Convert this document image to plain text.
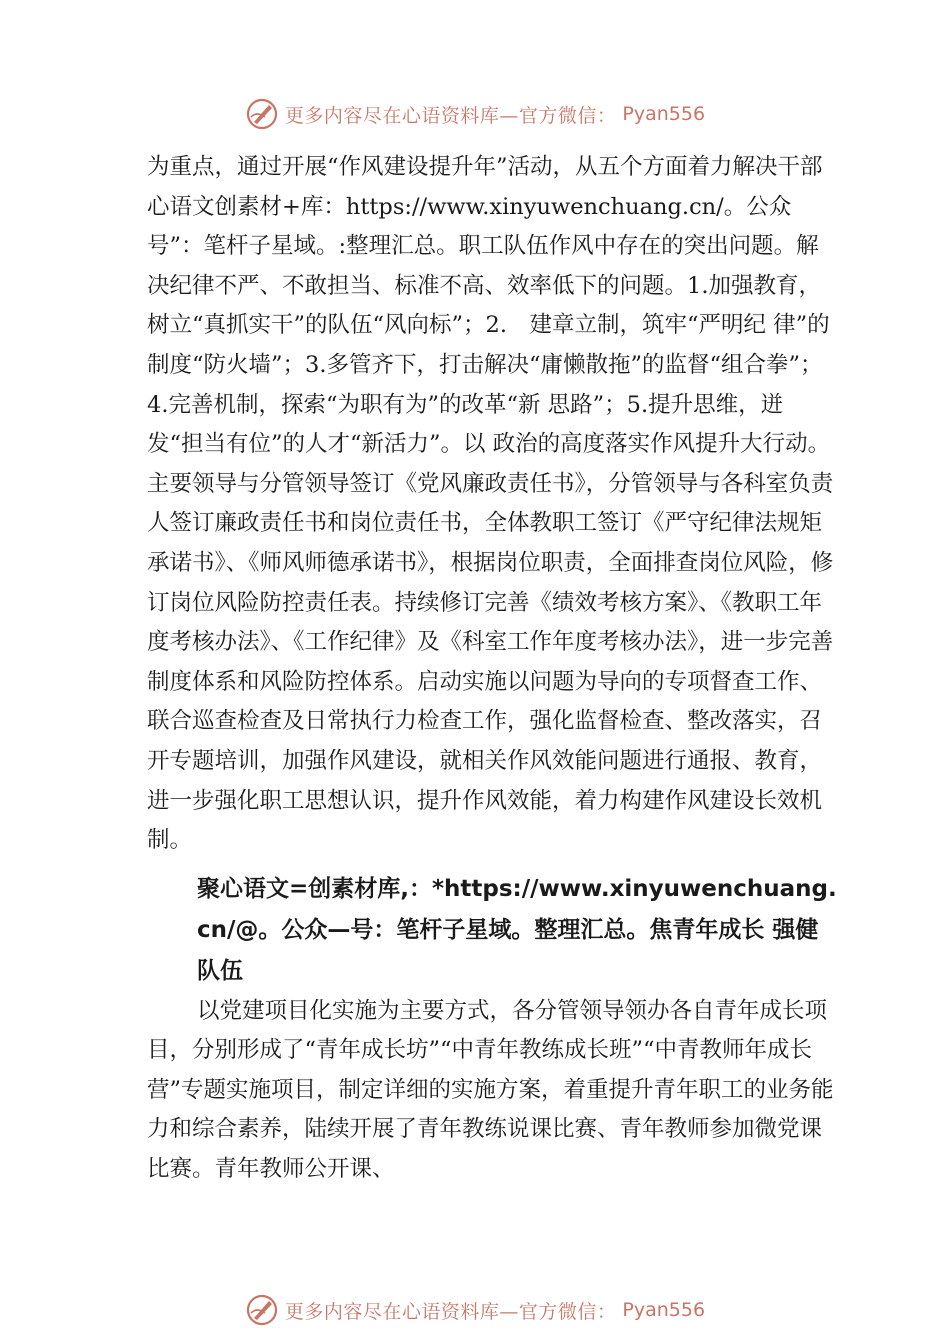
更多内容尽在心语资料库—官方微信： Pyan556

为重点，通过开展“作风建设提升年”活动，从五个方面着力解决干部心语文创素材+库：https://www.xinyuwenchuang.cn/。公众号”：笔杆子星域。:整理汇总。职工队伍作风中存在的突出问题。解决纪律不严、不敢担当、标准不高、效率低下的问题。1.加强教育，树立“真抓实干”的队伍“风向标”；2.　建章立制，筑牢“严明纪 律”的制度“防火墙”；3.多管齐下，打击解决“庸懒散拖”的监督“组合拳”；4.完善机制，探索“为职有为”的改革“新 思路”；5.提升思维，迸发“担当有位”的人才“新活力”。以 政治的高度落实作风提升大行动。主要领导与分管领导签订《党风廉政责任书》，分管领导与各科室负责人签订廉政责任书和岗位责任书，全体教职工签订《严守纪律法规矩承诺书》、《师风师德承诺书》，根据岗位职责，全面排查岗位风险，修订岗位风险防控责任表。持续修订完善《绩效考核方案》、《教职工年度考核办法》、《工作纪律》及《科室工作年度考核办法》，进一步完善制度体系和风险防控体系。启动实施以问题为导向的专项督查工作、联合巡查检查及日常执行力检查工作，强化监督检查、整改落实，召开专题培训，加强作风建设，就相关作风效能问题进行通报、教育，进一步强化职工思想认识，提升作风效能，着力构建作风建设长效机制。

聚心语文=创素材库,：*https://www.xinyuwenchuang.cn/@。公众—号：笔杆子星域。整理汇总。焦青年成长 强健队伍

以党建项目化实施为主要方式，各分管领导领办各自青年成长项目，分别形成了“青年成长坊”“中青年教练成长班”“中青教师年成长营”专题实施项目，制定详细的实施方案，着重提升青年职工的业务能力和综合素养，陆续开展了青年教练说课比赛、青年教师参加微党课比赛。青年教师公开课、

更多内容尽在心语资料库—官方微信： Pyan556
